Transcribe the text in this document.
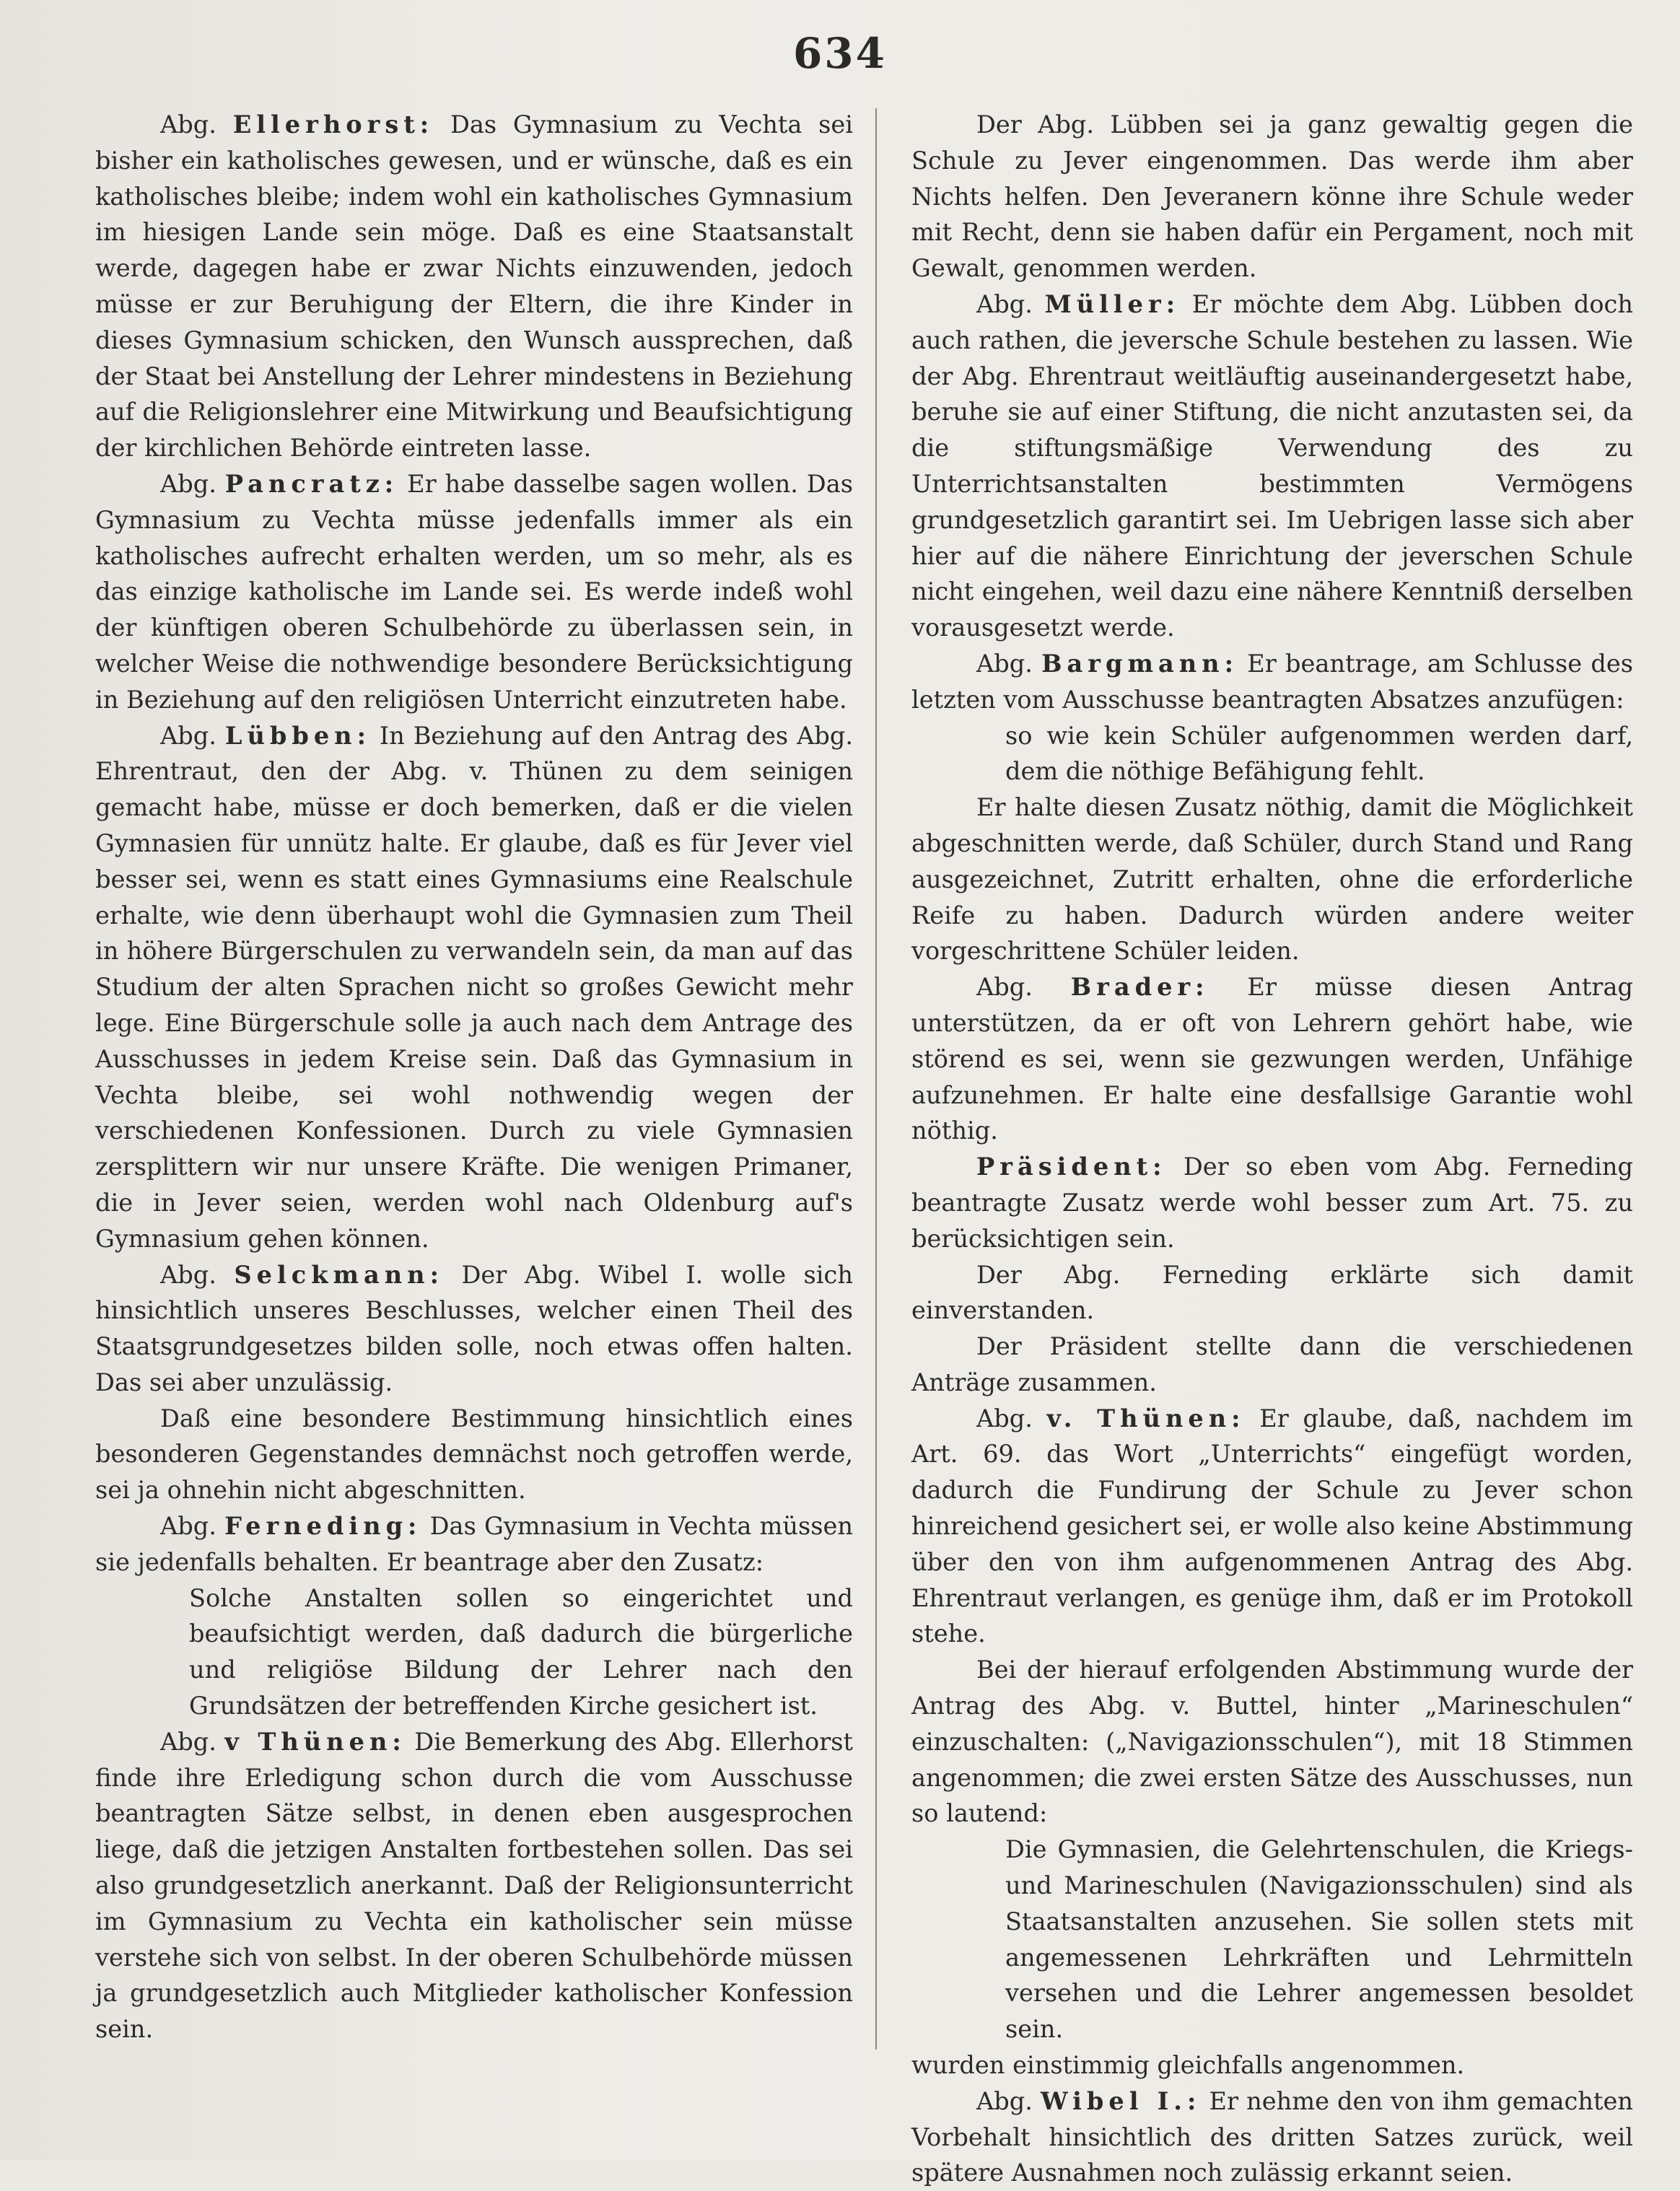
634

Abg. Ellerhorst: Das Gymnasium zu Vechta sei bisher ein katholisches gewesen, und er wünsche, daß es ein katholisches bleibe; indem wohl ein katholisches Gymnasium im hiesigen Lande sein möge. Daß es eine Staatsanstalt werde, dagegen habe er zwar Nichts einzuwenden, jedoch müsse er zur Beruhigung der Eltern, die ihre Kinder in dieses Gymnasium schicken, den Wunsch aussprechen, daß der Staat bei Anstellung der Lehrer mindestens in Beziehung auf die Religionslehrer eine Mitwirkung und Beaufsichtigung der kirchlichen Behörde eintreten lasse.

Abg. Pancratz: Er habe dasselbe sagen wollen. Das Gymnasium zu Vechta müsse jedenfalls immer als ein katholisches aufrecht erhalten werden, um so mehr, als es das einzige katholische im Lande sei. Es werde indeß wohl der künftigen oberen Schulbehörde zu überlassen sein, in welcher Weise die nothwendige besondere Berücksichtigung in Beziehung auf den religiösen Unterricht einzutreten habe.

Abg. Lübben: In Beziehung auf den Antrag des Abg. Ehrentraut, den der Abg. v. Thünen zu dem seinigen gemacht habe, müsse er doch bemerken, daß er die vielen Gymnasien für unnütz halte. Er glaube, daß es für Jever viel besser sei, wenn es statt eines Gymnasiums eine Realschule erhalte, wie denn überhaupt wohl die Gymnasien zum Theil in höhere Bürgerschulen zu verwandeln sein, da man auf das Studium der alten Sprachen nicht so großes Gewicht mehr lege. Eine Bürgerschule solle ja auch nach dem Antrage des Ausschusses in jedem Kreise sein. Daß das Gymnasium in Vechta bleibe, sei wohl nothwendig wegen der verschiedenen Konfessionen. Durch zu viele Gymnasien zersplittern wir nur unsere Kräfte. Die wenigen Primaner, die in Jever seien, werden wohl nach Oldenburg auf's Gymnasium gehen können.

Abg. Selckmann: Der Abg. Wibel I. wolle sich hinsichtlich unseres Beschlusses, welcher einen Theil des Staatsgrundgesetzes bilden solle, noch etwas offen halten. Das sei aber unzulässig.

Daß eine besondere Bestimmung hinsichtlich eines besonderen Gegenstandes demnächst noch getroffen werde, sei ja ohnehin nicht abgeschnitten.

Abg. Ferneding: Das Gymnasium in Vechta müssen sie jedenfalls behalten. Er beantrage aber den Zusatz:

Solche Anstalten sollen so eingerichtet und beaufsichtigt werden, daß dadurch die bürgerliche und religiöse Bildung der Lehrer nach den Grundsätzen der betreffenden Kirche gesichert ist.

Abg. v Thünen: Die Bemerkung des Abg. Ellerhorst finde ihre Erledigung schon durch die vom Ausschusse beantragten Sätze selbst, in denen eben ausgesprochen liege, daß die jetzigen Anstalten fortbestehen sollen. Das sei also grundgesetzlich anerkannt. Daß der Religionsunterricht im Gymnasium zu Vechta ein katholischer sein müsse verstehe sich von selbst. In der oberen Schulbehörde müssen ja grundgesetzlich auch Mitglieder katholischer Konfession sein.

Der Abg. Lübben sei ja ganz gewaltig gegen die Schule zu Jever eingenommen. Das werde ihm aber Nichts helfen. Den Jeveranern könne ihre Schule weder mit Recht, denn sie haben dafür ein Pergament, noch mit Gewalt, genommen werden.

Abg. Müller: Er möchte dem Abg. Lübben doch auch rathen, die jeversche Schule bestehen zu lassen. Wie der Abg. Ehrentraut weitläuftig auseinandergesetzt habe, beruhe sie auf einer Stiftung, die nicht anzutasten sei, da die stiftungsmäßige Verwendung des zu Unterrichtsanstalten bestimmten Vermögens grundgesetzlich garantirt sei. Im Uebrigen lasse sich aber hier auf die nähere Einrichtung der jeverschen Schule nicht eingehen, weil dazu eine nähere Kenntniß derselben vorausgesetzt werde.

Abg. Bargmann: Er beantrage, am Schlusse des letzten vom Ausschusse beantragten Absatzes anzufügen:

so wie kein Schüler aufgenommen werden darf, dem die nöthige Befähigung fehlt.

Er halte diesen Zusatz nöthig, damit die Möglichkeit abgeschnitten werde, daß Schüler, durch Stand und Rang ausgezeichnet, Zutritt erhalten, ohne die erforderliche Reife zu haben. Dadurch würden andere weiter vorgeschrittene Schüler leiden.

Abg. Brader: Er müsse diesen Antrag unterstützen, da er oft von Lehrern gehört habe, wie störend es sei, wenn sie gezwungen werden, Unfähige aufzunehmen. Er halte eine desfallsige Garantie wohl nöthig.

Präsident: Der so eben vom Abg. Ferneding beantragte Zusatz werde wohl besser zum Art. 75. zu berücksichtigen sein.

Der Abg. Ferneding erklärte sich damit einverstanden.

Der Präsident stellte dann die verschiedenen Anträge zusammen.

Abg. v. Thünen: Er glaube, daß, nachdem im Art. 69. das Wort „Unterrichts“ eingefügt worden, dadurch die Fundirung der Schule zu Jever schon hinreichend gesichert sei, er wolle also keine Abstimmung über den von ihm aufgenommenen Antrag des Abg. Ehrentraut verlangen, es genüge ihm, daß er im Protokoll stehe.

Bei der hierauf erfolgenden Abstimmung wurde der Antrag des Abg. v. Buttel, hinter „Marineschulen“ einzuschalten: („Navigazionsschulen“), mit 18 Stimmen angenommen; die zwei ersten Sätze des Ausschusses, nun so lautend:

Die Gymnasien, die Gelehrtenschulen, die Kriegs- und Marineschulen (Navigazionsschulen) sind als Staatsanstalten anzusehen. Sie sollen stets mit angemessenen Lehrkräften und Lehrmitteln versehen und die Lehrer angemessen besoldet sein.

wurden einstimmig gleichfalls angenommen.

Abg. Wibel I.: Er nehme den von ihm gemachten Vorbehalt hinsichtlich des dritten Satzes zurück, weil spätere Ausnahmen noch zulässig erkannt seien.
